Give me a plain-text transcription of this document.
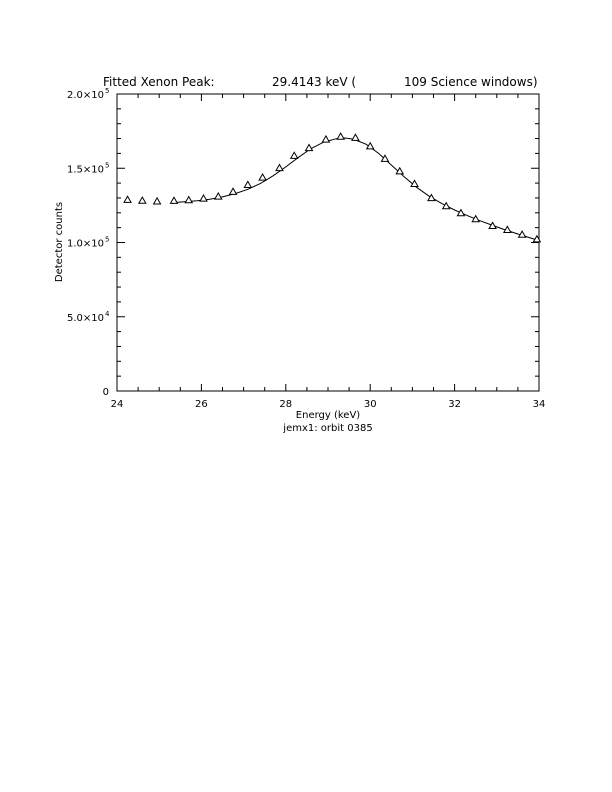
Fitted Xenon Peak:	29.4143 keV (	109 Science windows)
24	26	28	30	32	34
0
5.0×10 4
1.0×10 5
1.5×10 5
2.0×10 5
Energy (keV)
jemx1: orbit 0385
Detector counts
